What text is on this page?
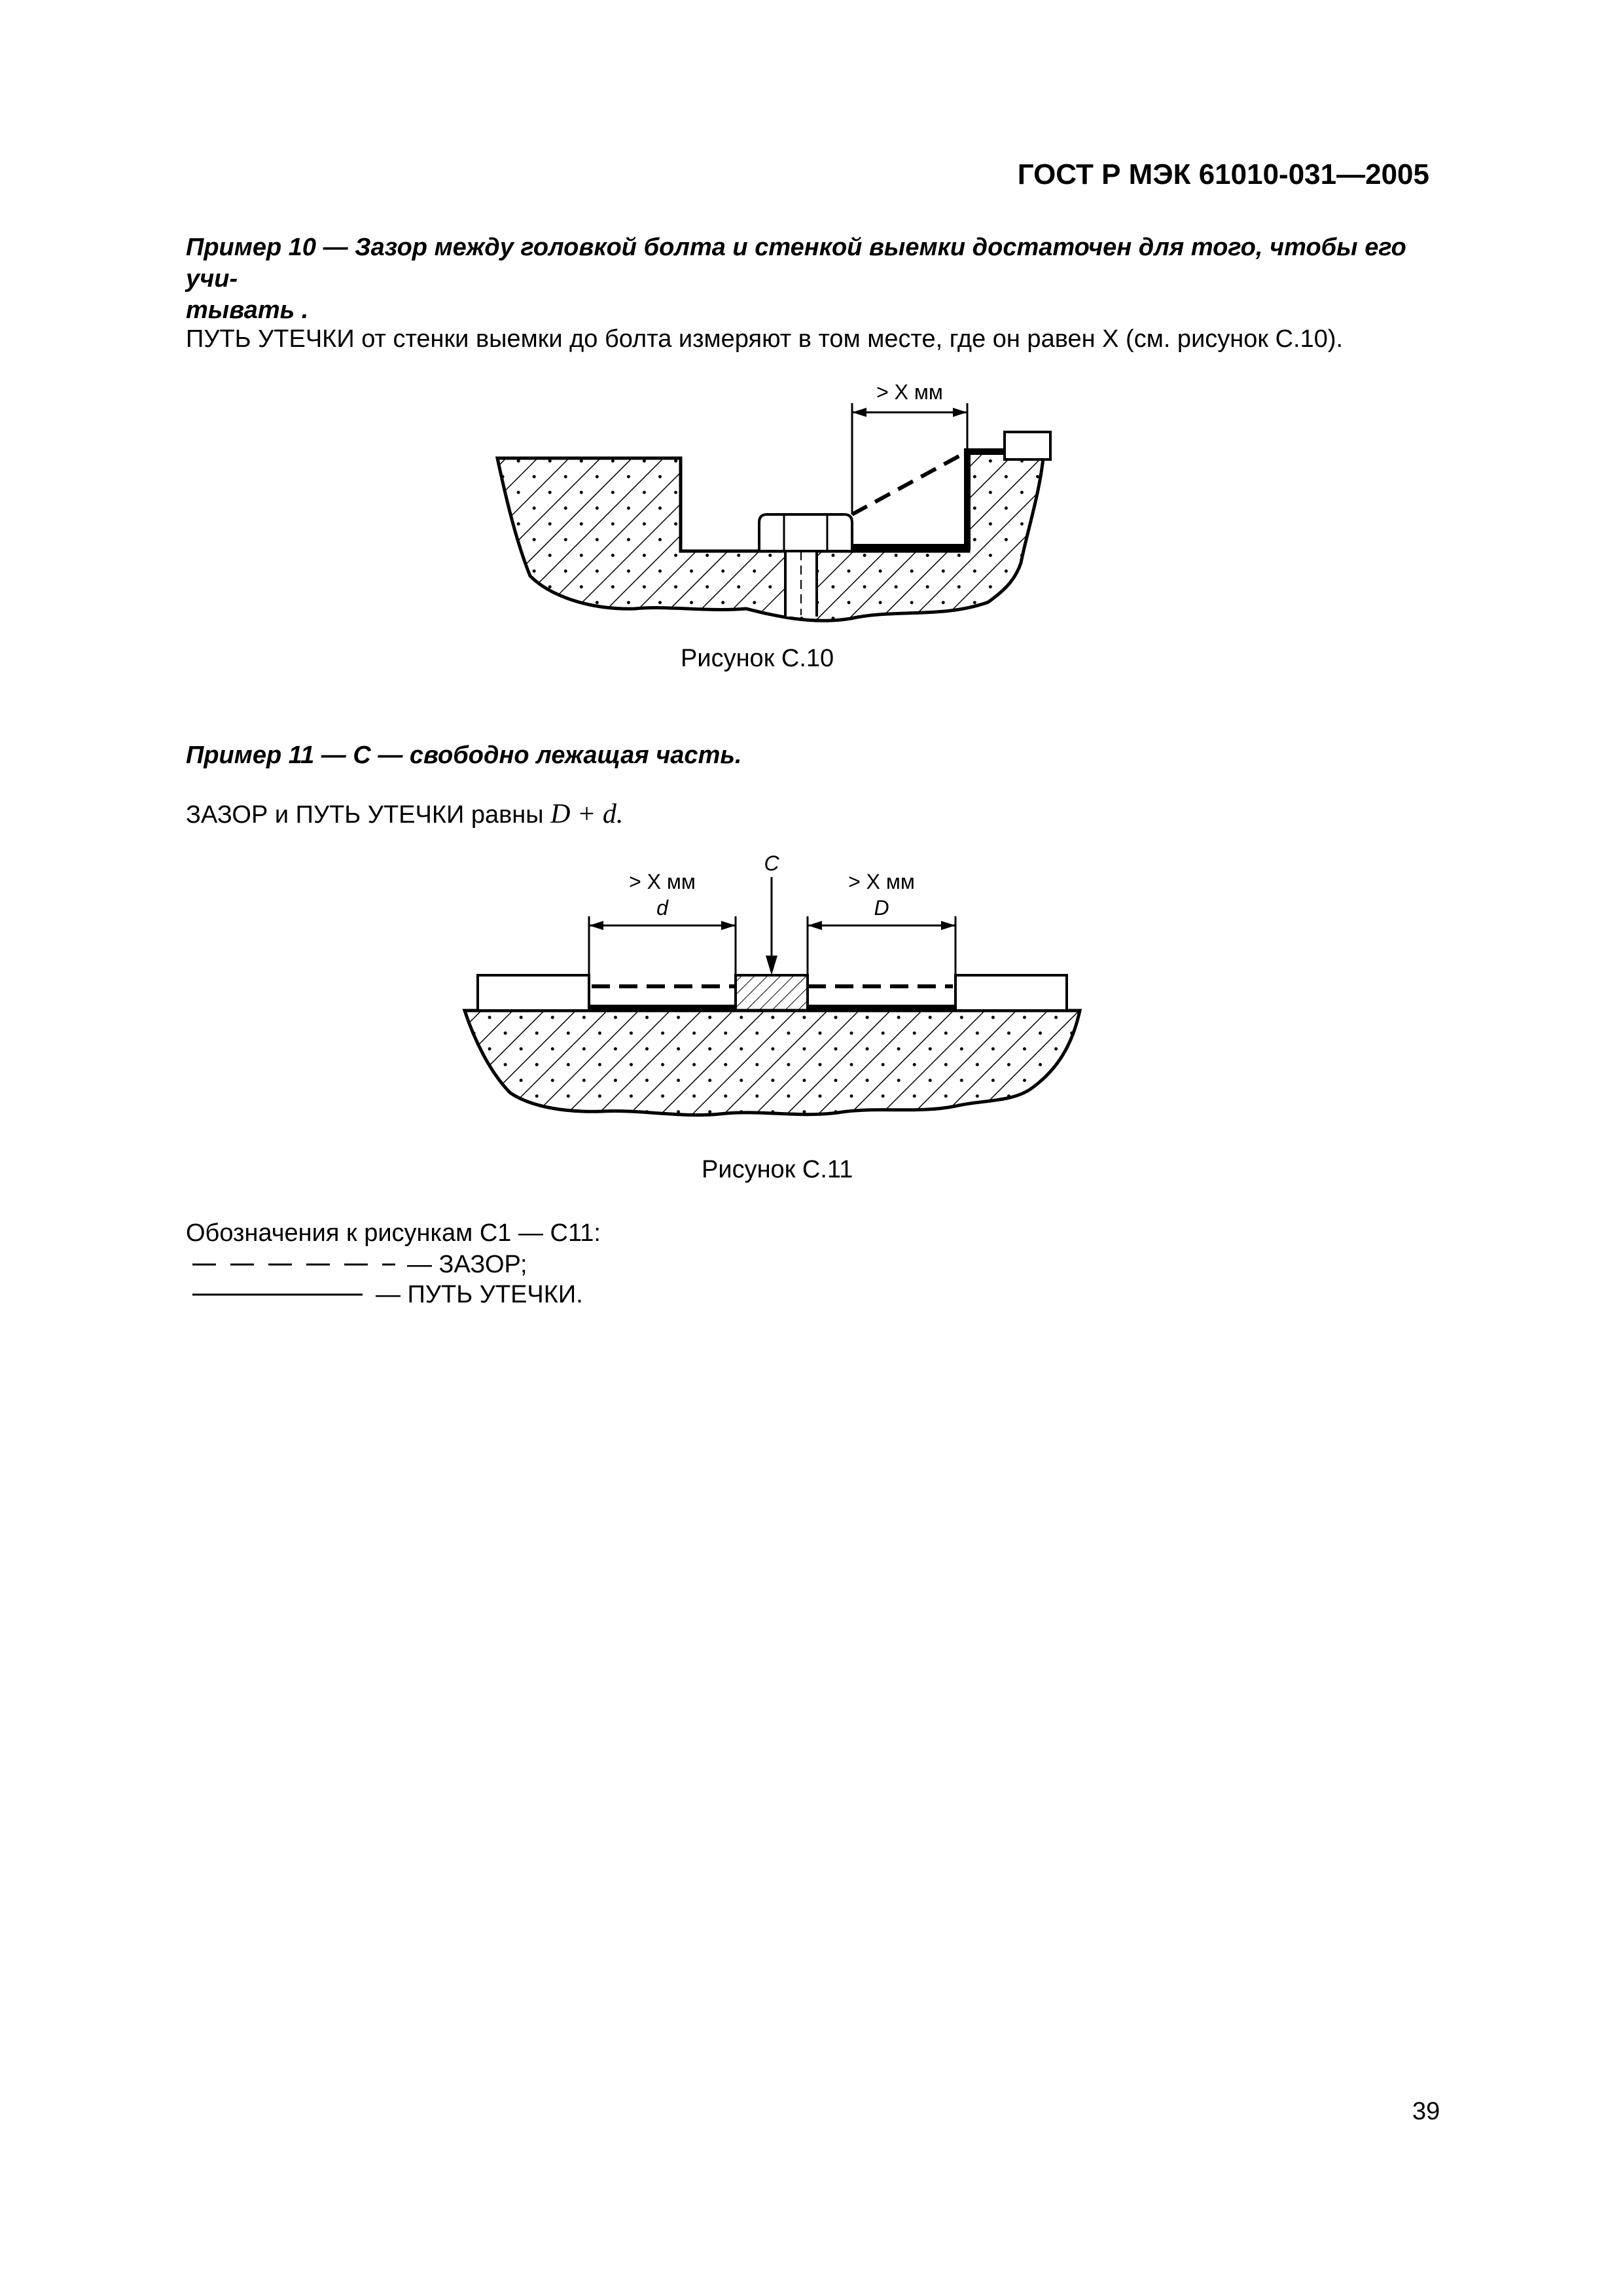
ГОСТ Р МЭК 61010-031—2005
Пример 10 — Зазор между головкой болта и стенкой выемки достаточен для того, чтобы его учи-
тывать .
ПУТЬ УТЕЧКИ от стенки выемки до болта измеряют в том месте, где он равен X (см. рисунок С.10).
> X мм
Рисунок С.10
Пример 11 — C — свободно лежащая часть.
ЗАЗОР и ПУТЬ УТЕЧКИ равны D + d.
C
> X мм
d
> X мм
D
Рисунок С.11
Обозначения к рисункам С1 — С11:
— ЗАЗОР;
— ПУТЬ УТЕЧКИ.
39
